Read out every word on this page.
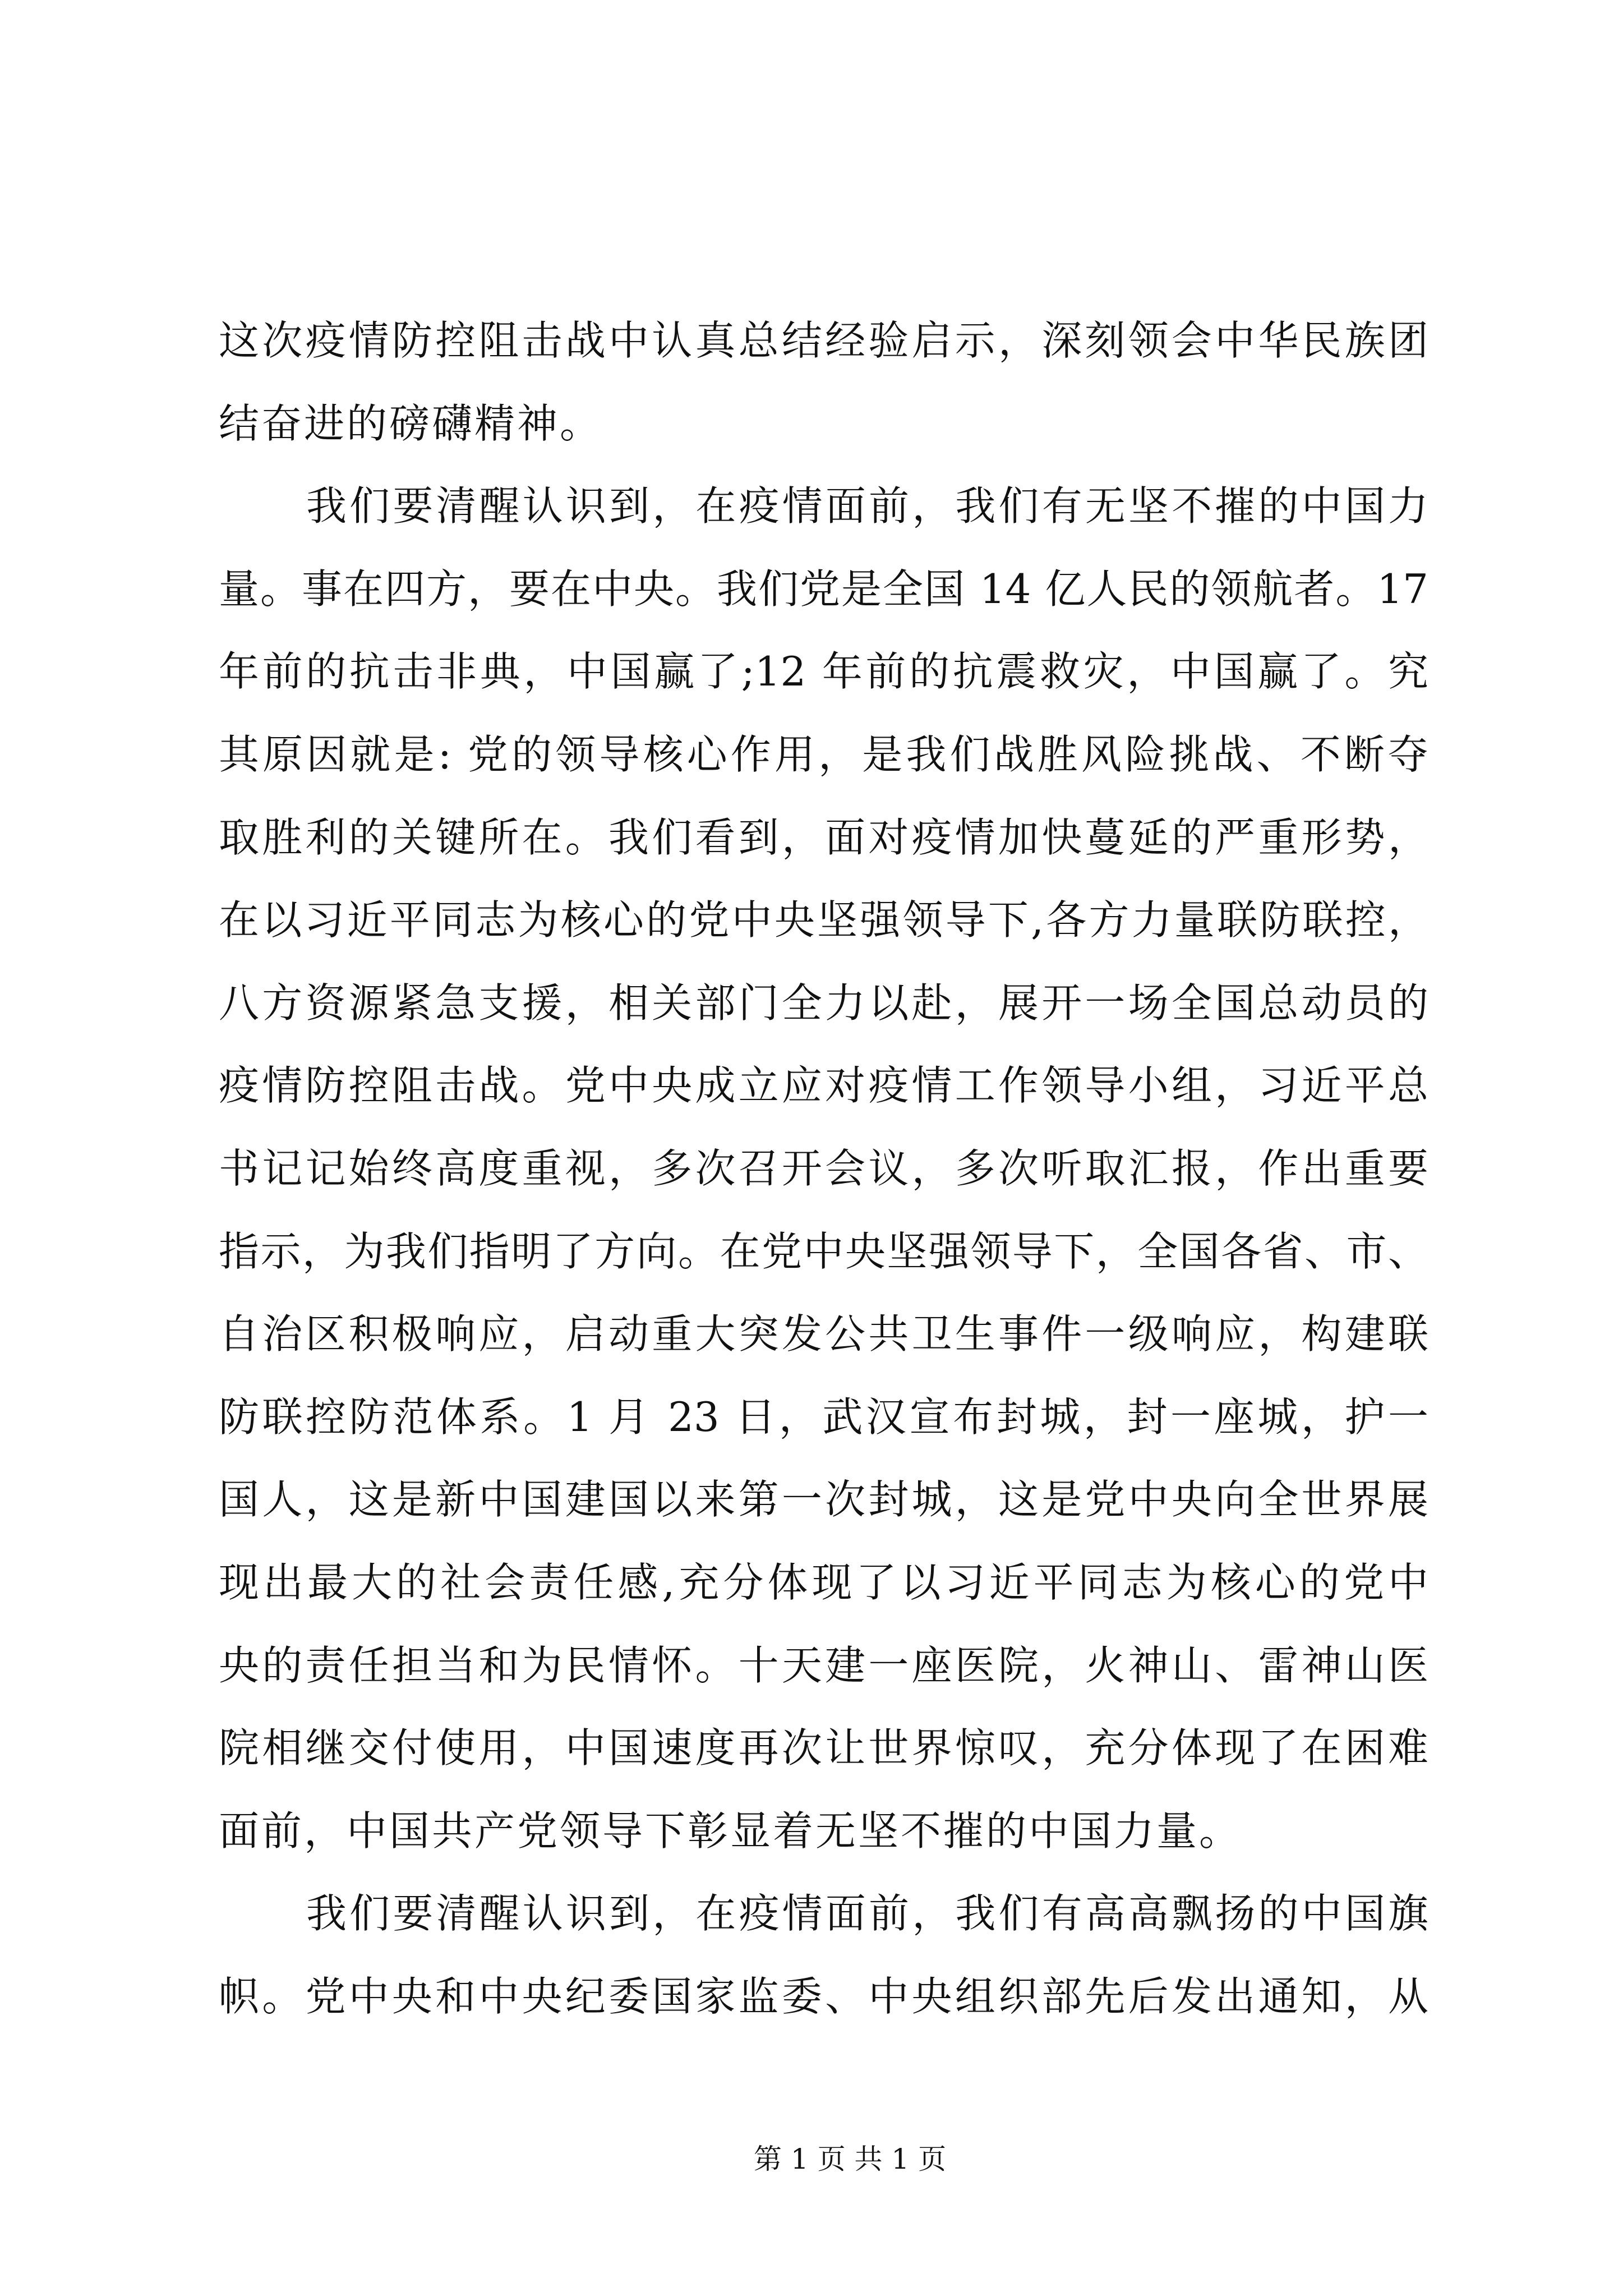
这次疫情防控阻击战中认真总结经验启示，深刻领会中华民族团
结奋进的磅礴精神。
我们要清醒认识到，在疫情面前，我们有无坚不摧的中国力
量。事在四方，要在中央。我们党是全国 14 亿人民的领航者。17
年前的抗击非典，中国赢了;12 年前的抗震救灾，中国赢了。究
其原因就是: 党的领导核心作用，是我们战胜风险挑战、不断夺
取胜利的关键所在。我们看到，面对疫情加快蔓延的严重形势，
在以习近平同志为核心的党中央坚强领导下,各方力量联防联控，
八方资源紧急支援，相关部门全力以赴，展开一场全国总动员的
疫情防控阻击战。党中央成立应对疫情工作领导小组，习近平总
书记记始终高度重视，多次召开会议，多次听取汇报，作出重要
指示，为我们指明了方向。在党中央坚强领导下，全国各省、市、
自治区积极响应，启动重大突发公共卫生事件一级响应，构建联
防联控防范体系。1 月 23 日，武汉宣布封城，封一座城，护一
国人，这是新中国建国以来第一次封城，这是党中央向全世界展
现出最大的社会责任感,充分体现了以习近平同志为核心的党中
央的责任担当和为民情怀。十天建一座医院，火神山、雷神山医
院相继交付使用，中国速度再次让世界惊叹，充分体现了在困难
面前，中国共产党领导下彰显着无坚不摧的中国力量。
我们要清醒认识到，在疫情面前，我们有高高飘扬的中国旗
帜。党中央和中央纪委国家监委、中央组织部先后发出通知，从
第 1 页 共 1 页
